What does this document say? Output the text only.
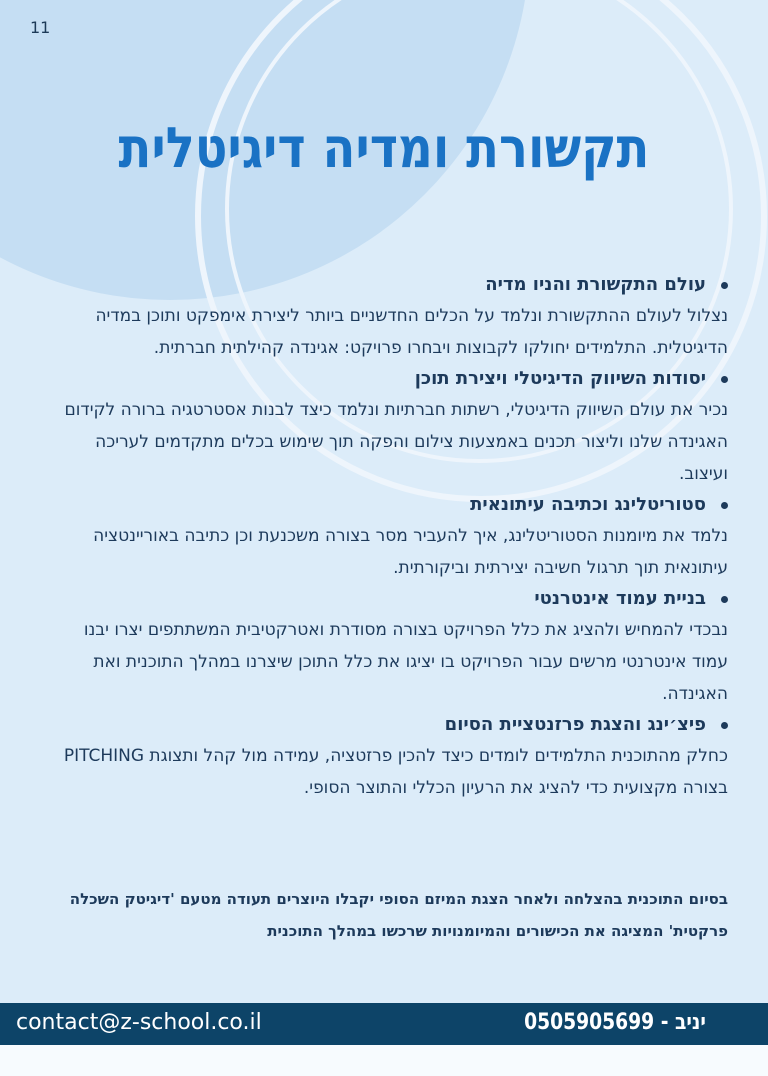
11
תקשורת ומדיה דיגיטלית

עולם התקשורת והניו מדיה

נצלול לעולם ההתקשורת ונלמד על הכלים החדשניים ביותר ליצירת אימפקט ותוכן במדיה הדיגיטלית. התלמידים יחולקו לקבוצות ויבחרו פרויקט: אגינדה קהילתית חברתית.

יסודות השיווק הדיגיטלי ויצירת תוכן

נכיר את עולם השיווק הדיגיטלי, רשתות חברתיות ונלמד כיצד לבנות אסטרטגיה ברורה לקידום האגינדה שלנו וליצור תכנים באמצעות צילום והפקה תוך שימוש בכלים מתקדמים לעריכה ועיצוב.

סטוריטלינג וכתיבה עיתונאית

נלמד את מיומנות הסטוריטלינג, איך להעביר מסר בצורה משכנעת וכן כתיבה באוריינטציה עיתונאית תוך תרגול חשיבה יצירתית וביקורתית.

בניית עמוד אינטרנטי

נבכדי להמחיש ולהציג את כלל הפרויקט בצורה מסודרת ואטרקטיבית המשתתפים יצרו יבנו עמוד אינטרנטי מרשים עבור הפרויקט בו יציגו את כלל התוכן שיצרנו במהלך התוכנית ואת האגינדה.

פיצ׳ינג והצגת פרזנטציית הסיום

כחלק מהתוכנית התלמידים לומדים כיצד להכין פרזטציה, עמידה מול קהל ותצוגת PITCHING בצורה מקצועית כדי להציג את הרעיון הכללי והתוצר הסופי.

בסיום התוכנית בהצלחה ולאחר הצגת המיזם הסופי יקבלו היוצרים תעודה מטעם 'דיגיטק השכלה פרקטית' המציגה את הכישורים והמיומנויות שרכשו במהלך התוכנית

contact@z-school.co.il	יניב - 0505905699
